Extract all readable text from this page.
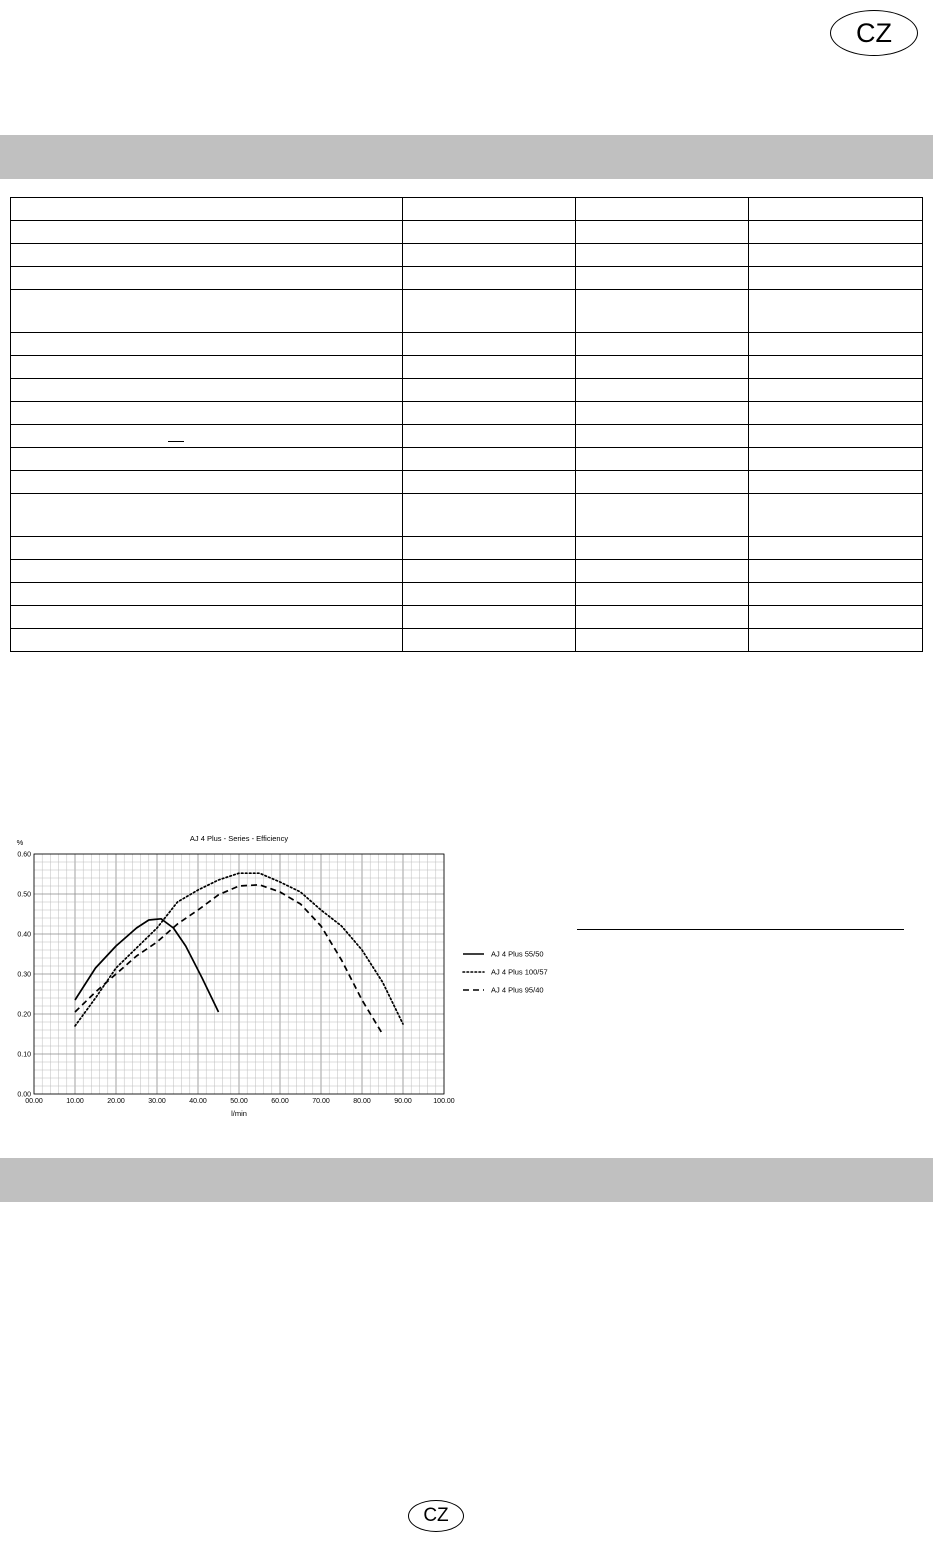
CZ

00.00	10.00	20.00	30.00	40.00	50.00	60.00	70.00	80.00	90.00	100.00
0.00
0.10
0.20
0.30
0.40
0.50
0.60
AJ 4 Plus - Series - Efficiency
%
l/min
AJ 4 Plus 55/50
AJ 4 Plus 100/57
AJ 4 Plus 95/40
CZ
